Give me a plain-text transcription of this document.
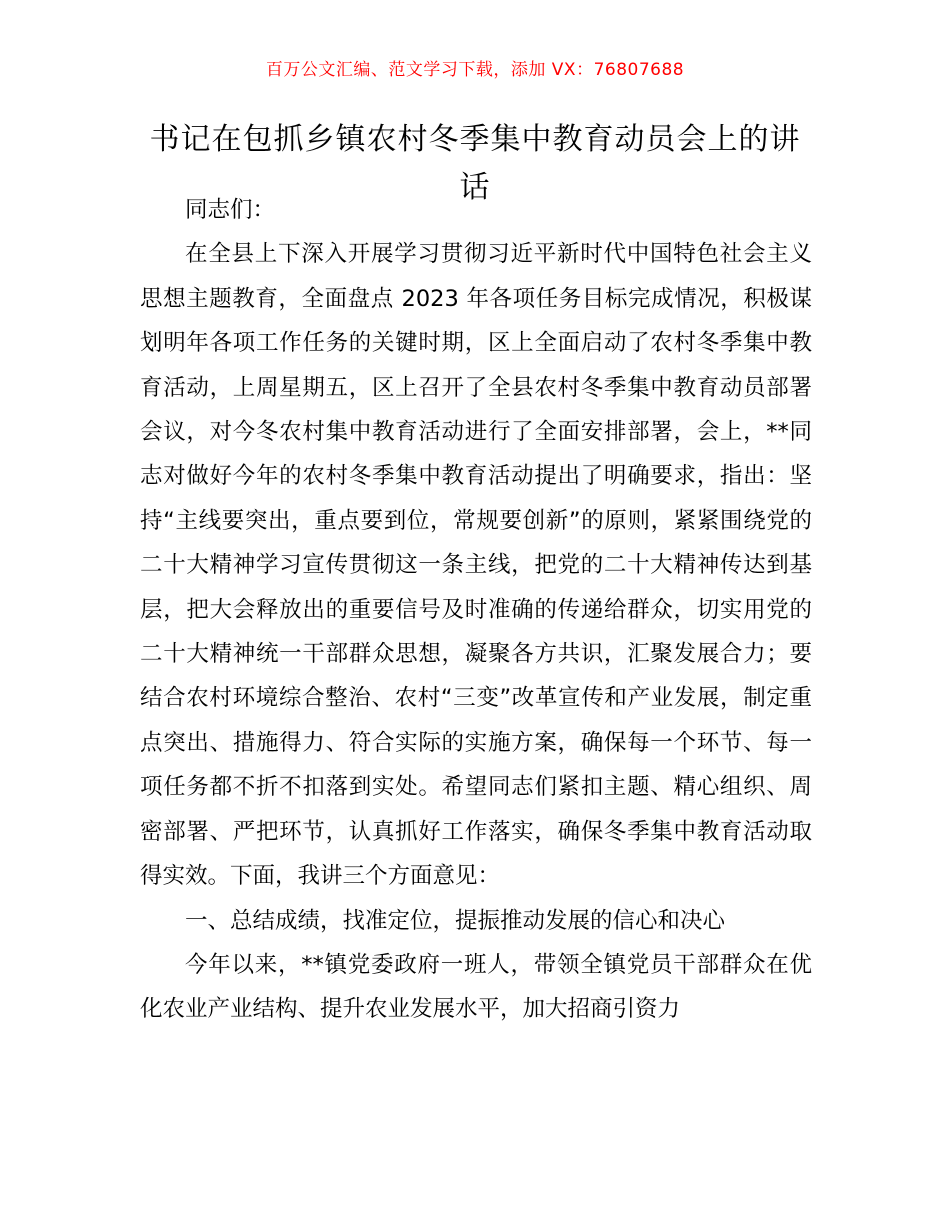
百万公文汇编、范文学习下载，添加 VX：76807688
书记在包抓乡镇农村冬季集中教育动员会上的讲话

同志们：

在全县上下深入开展学习贯彻习近平新时代中国特色社会主义思想主题教育，全面盘点 2023 年各项任务目标完成情况，积极谋划明年各项工作任务的关键时期，区上全面启动了农村冬季集中教育活动，上周星期五，区上召开了全县农村冬季集中教育动员部署会议，对今冬农村集中教育活动进行了全面安排部署，会上，**同志对做好今年的农村冬季集中教育活动提出了明确要求，指出：坚持“主线要突出，重点要到位，常规要创新”的原则，紧紧围绕党的二十大精神学习宣传贯彻这一条主线，把党的二十大精神传达到基层，把大会释放出的重要信号及时准确的传递给群众，切实用党的二十大精神统一干部群众思想，凝聚各方共识，汇聚发展合力；要结合农村环境综合整治、农村“三变”改革宣传和产业发展，制定重点突出、措施得力、符合实际的实施方案，确保每一个环节、每一项任务都不折不扣落到实处。希望同志们紧扣主题、精心组织、周密部署、严把环节，认真抓好工作落实，确保冬季集中教育活动取得实效。下面，我讲三个方面意见：

一、总结成绩，找准定位，提振推动发展的信心和决心

今年以来，**镇党委政府一班人，带领全镇党员干部群众在优化农业产业结构、提升农业发展水平，加大招商引资力
